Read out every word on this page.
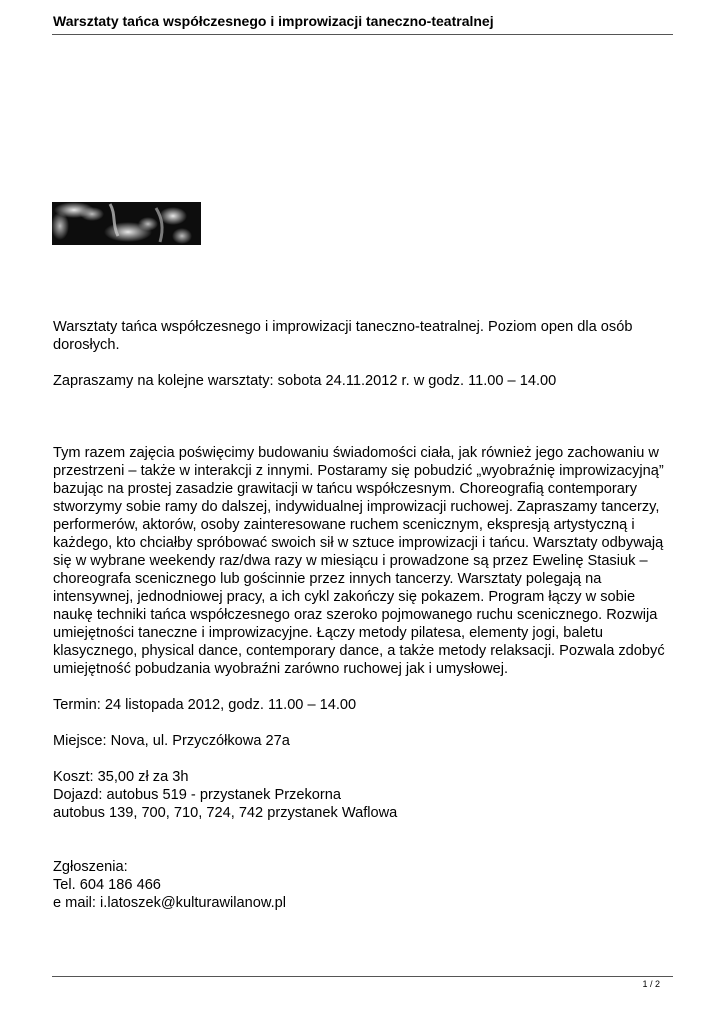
Warsztaty tańca współczesnego i improwizacji taneczno-teatralnej

Warsztaty tańca współczesnego i improwizacji taneczno-teatralnej. Poziom open dla osób

dorosłych.

Zapraszamy na kolejne warsztaty: sobota 24.11.2012 r. w godz. 11.00 – 14.00

Tym razem zajęcia poświęcimy budowaniu świadomości ciała, jak również jego zachowaniu w

przestrzeni – także w interakcji z innymi. Postaramy się pobudzić „wyobraźnię improwizacyjną”

bazując na prostej zasadzie grawitacji w tańcu współczesnym. Choreografią contemporary

stworzymy sobie ramy do dalszej, indywidualnej improwizacji ruchowej. Zapraszamy tancerzy,

performerów, aktorów, osoby zainteresowane ruchem scenicznym, ekspresją artystyczną i

każdego, kto chciałby spróbować swoich sił w sztuce improwizacji i tańcu. Warsztaty odbywają

się w wybrane weekendy raz/dwa razy w miesiącu i prowadzone są przez Ewelinę Stasiuk –

choreografa scenicznego lub gościnnie przez innych tancerzy. Warsztaty polegają na

intensywnej, jednodniowej pracy, a ich cykl zakończy się pokazem. Program łączy w sobie

naukę techniki tańca współczesnego oraz szeroko pojmowanego ruchu scenicznego. Rozwija

umiejętności taneczne i improwizacyjne. Łączy metody pilatesa, elementy jogi, baletu

klasycznego, physical dance, contemporary dance, a także metody relaksacji. Pozwala zdobyć

umiejętność pobudzania wyobraźni zarówno ruchowej jak i umysłowej.

Termin: 24 listopada 2012, godz. 11.00 – 14.00

Miejsce: Nova, ul. Przyczółkowa 27a

Koszt: 35,00 zł za 3h

Dojazd: autobus 519 - przystanek Przekorna

autobus 139, 700, 710, 724, 742 przystanek Waflowa

Zgłoszenia:

Tel. 604 186 466

e mail: i.latoszek@kulturawilanow.pl

1 / 2
